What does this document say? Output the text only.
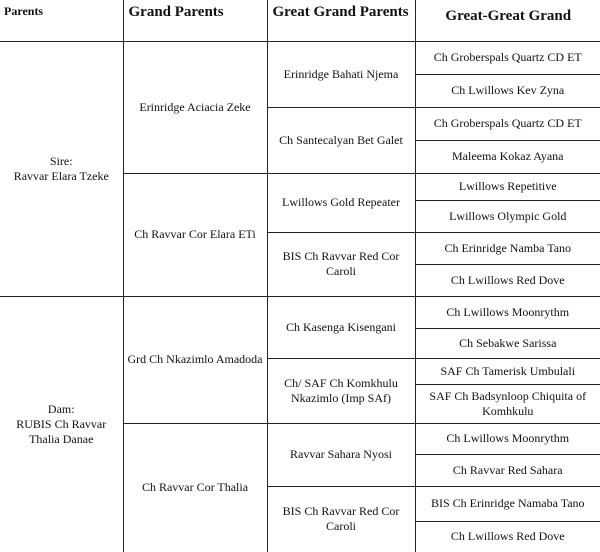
Parents	Grand Parents	Great Grand Parents	Great-Great Grand

Sire:
Ravvar Elara Tzeke	Erinridge Aciacia Zeke	Erinridge Bahati Njema	Ch Groberspals Quartz CD ET
			Ch Lwillows Kev Zyna
		Ch Santecalyan Bet Galet	Ch Groberspals Quartz CD ET
			Maleema Kokaz Ayana
	Ch Ravvar Cor Elara ETi	Lwillows Gold Repeater	Lwillows Repetitive
			Lwillows Olympic Gold
		BIS Ch Ravvar Red Cor Caroli	Ch Erinridge Namba Tano
			Ch Lwillows Red Dove

Dam:
RUBIS Ch Ravvar Thalia Danae	Grd Ch Nkazimlo Amadoda	Ch Kasenga Kisengani	Ch Lwillows Moonrythm
			Ch Sebakwe Sarissa
		Ch/ SAF Ch Komkhulu Nkazimlo (Imp SAf)	SAF Ch Tamerisk Umbulali
			SAF Ch Badsynloop Chiquita of Komhkulu
	Ch Ravvar Cor Thalia	Ravvar Sahara Nyosi	Ch Lwillows Moonrythm
			Ch Ravvar Red Sahara
		BIS Ch Ravvar Red Cor Caroli	BIS Ch Erinridge Namaba Tano
			Ch Lwillows Red Dove
